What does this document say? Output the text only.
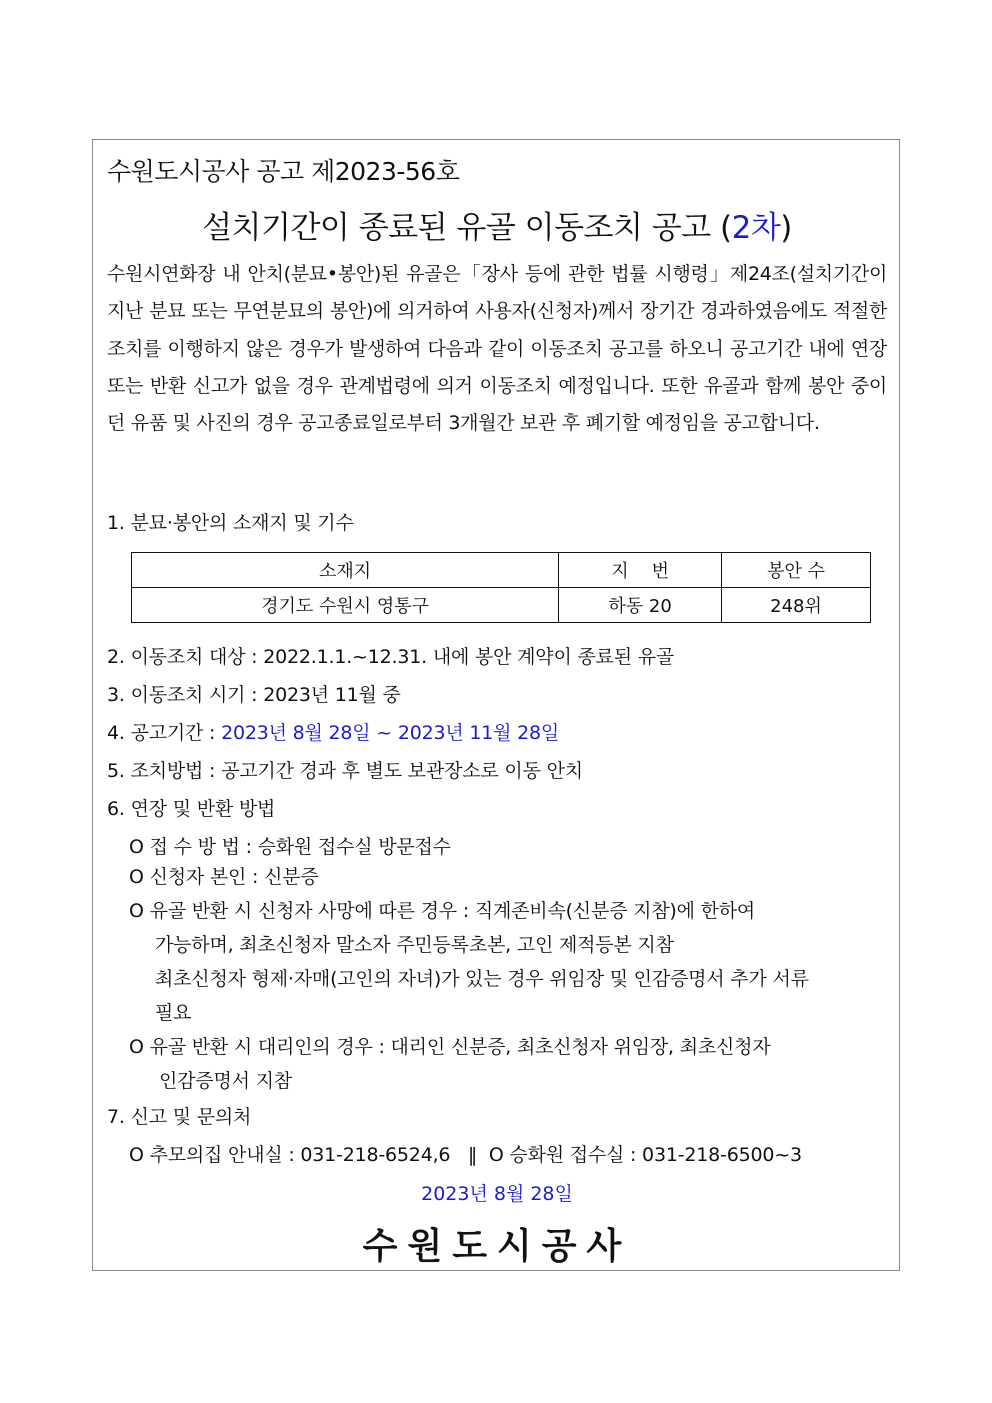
수원도시공사 공고 제2023-56호
설치기간이 종료된 유골 이동조치 공고 (2차)
수원시연화장 내 안치(분묘•봉안)된 유골은「장사 등에 관한 법률 시행령」제24조(설치기간이 지난 분묘 또는 무연분묘의 봉안)에 의거하여 사용자(신청자)께서 장기간 경과하였음에도 적절한 조치를 이행하지 않은 경우가 발생하여 다음과 같이 이동조치 공고를 하오니 공고기간 내에 연장 또는 반환 신고가 없을 경우 관계법령에 의거 이동조치 예정입니다. 또한 유골과 함께 봉안 중이던 유품 및 사진의 경우 공고종료일로부터 3개월간 보관 후 폐기할 예정임을 공고합니다.
1. 분묘·봉안의 소재지 및 기수
소재지	지    번	봉안 수
경기도 수원시 영통구	하동 20	248위
2. 이동조치 대상 : 2022.1.1.~12.31. 내에 봉안 계약이 종료된 유골
3. 이동조치 시기 : 2023년 11월 중
4. 공고기간 : 2023년 8월 28일 ~ 2023년 11월 28일
5. 조치방법 : 공고기간 경과 후 별도 보관장소로 이동 안치
6. 연장 및 반환 방법
O 접 수 방 법 : 승화원 접수실 방문접수
O 신청자 본인 : 신분증
O 유골 반환 시 신청자 사망에 따른 경우 : 직계존비속(신분증 지참)에 한하여
가능하며, 최초신청자 말소자 주민등록초본, 고인 제적등본 지참
최초신청자 형제·자매(고인의 자녀)가 있는 경우 위임장 및 인감증명서 추가 서류
필요
O 유골 반환 시 대리인의 경우 : 대리인 신분증, 최초신청자 위임장, 최초신청자
인감증명서 지참
7. 신고 및 문의처
O 추모의집 안내실 : 031-218-6524,6   ‖  O 승화원 접수실 : 031-218-6500~3
2023년 8월 28일
수원도시공사
